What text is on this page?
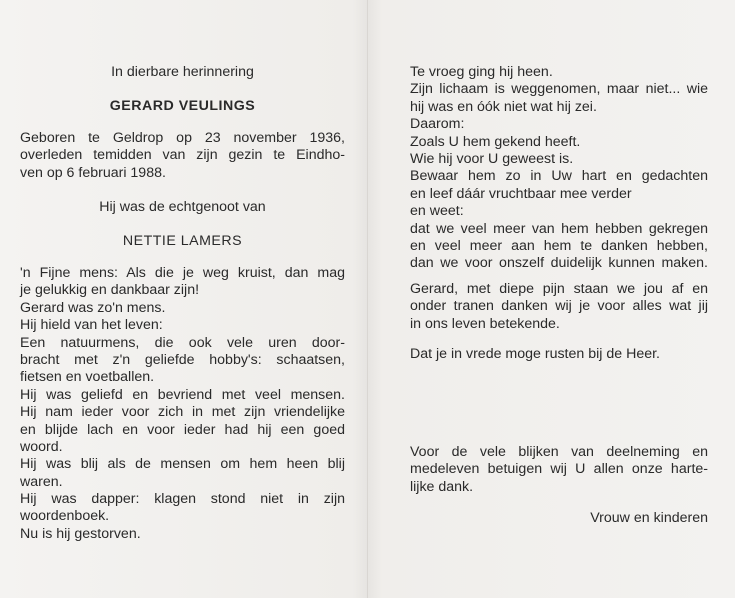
In dierbare herinnering
GERARD VEULINGS
Geboren te Geldrop op 23 november 1936,
overleden temidden van zijn gezin te Eindho-
ven op 6 februari 1988.
Hij was de echtgenoot van
NETTIE LAMERS
'n Fijne mens: Als die je weg kruist, dan mag
je gelukkig en dankbaar zijn!
Gerard was zo'n mens.
Hij hield van het leven:
Een natuurmens, die ook vele uren door-
bracht met z'n geliefde hobby's: schaatsen,
fietsen en voetballen.
Hij was geliefd en bevriend met veel mensen.
Hij nam ieder voor zich in met zijn vriendelijke
en blijde lach en voor ieder had hij een goed
woord.
Hij was blij als de mensen om hem heen blij
waren.
Hij was dapper: klagen stond niet in zijn
woordenboek.
Nu is hij gestorven.
Te vroeg ging hij heen.
Zijn lichaam is weggenomen, maar niet... wie
hij was en óók niet wat hij zei.
Daarom:
Zoals U hem gekend heeft.
Wie hij voor U geweest is.
Bewaar hem zo in Uw hart en gedachten
en leef dáár vruchtbaar mee verder
en weet:
dat we veel meer van hem hebben gekregen
en veel meer aan hem te danken hebben,
dan we voor onszelf duidelijk kunnen maken.
Gerard, met diepe pijn staan we jou af en
onder tranen danken wij je voor alles wat jij
in ons leven betekende.
Dat je in vrede moge rusten bij de Heer.
Voor de vele blijken van deelneming en
medeleven betuigen wij U allen onze harte-
lijke dank.
Vrouw en kinderen
